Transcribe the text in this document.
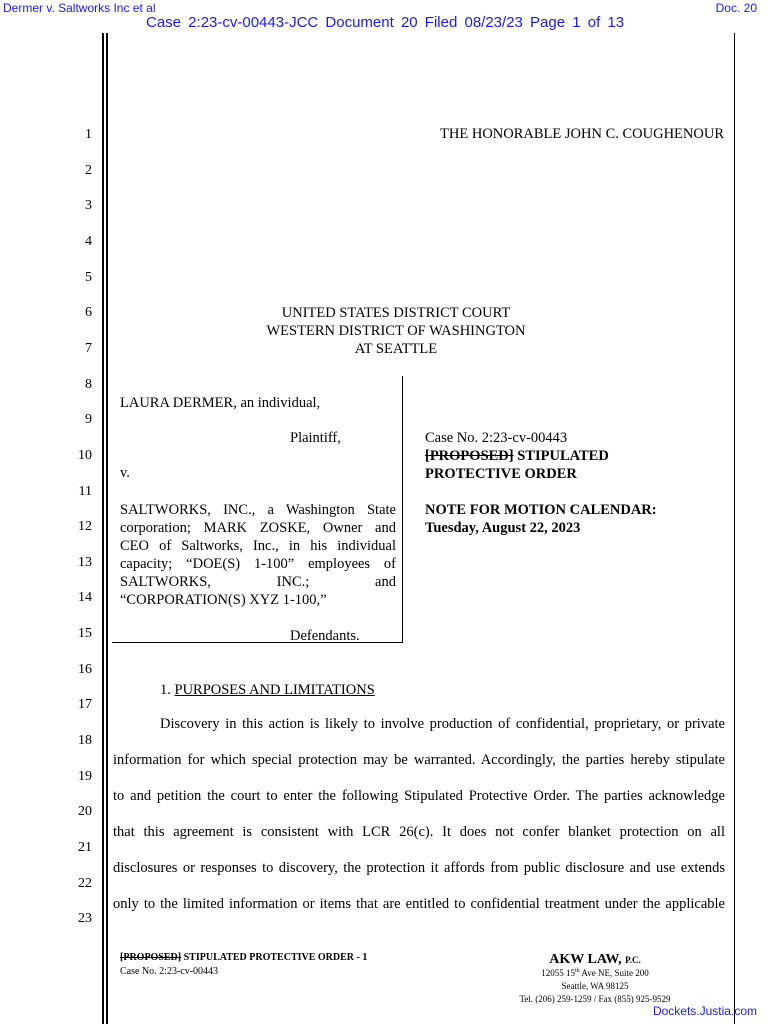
Dermer v. Saltworks Inc et al	Doc. 20
Case 2:23-cv-00443-JCC Document 20 Filed 08/23/23 Page 1 of 13
1
2
3
4
5
6
7
8
9
10
11
12
13
14
15
16
17
18
19
20
21
22
23
THE HONORABLE JOHN C. COUGHENOUR
UNITED STATES DISTRICT COURT
WESTERN DISTRICT OF WASHINGTON
AT SEATTLE
LAURA DERMER, an individual,
Plaintiff,
v.
SALTWORKS, INC., a Washington State
corporation; MARK ZOSKE, Owner and
CEO of Saltworks, Inc., in his individual
capacity; “DOE(S) 1-100” employees of
SALTWORKS, INC.; and
“CORPORATION(S) XYZ 1-100,”
Defendants.
Case No. 2:23-cv-00443
[PROPOSED] STIPULATED
PROTECTIVE ORDER
NOTE FOR MOTION CALENDAR:
Tuesday, August 22, 2023
1. PURPOSES AND LIMITATIONS
Discovery in this action is likely to involve production of confidential, proprietary, or private
information for which special protection may be warranted. Accordingly, the parties hereby stipulate
to and petition the court to enter the following Stipulated Protective Order. The parties acknowledge
that this agreement is consistent with LCR 26(c). It does not confer blanket protection on all
disclosures or responses to discovery, the protection it affords from public disclosure and use extends
only to the limited information or items that are entitled to confidential treatment under the applicable
[PROPOSED] STIPULATED PROTECTIVE ORDER - 1
Case No. 2:23-cv-00443
AKW LAW, P.C.
12055 15th Ave NE, Suite 200
Seattle, WA 98125
Tel. (206) 259-1259 / Fax (855) 925-9529
Dockets.Justia.com
